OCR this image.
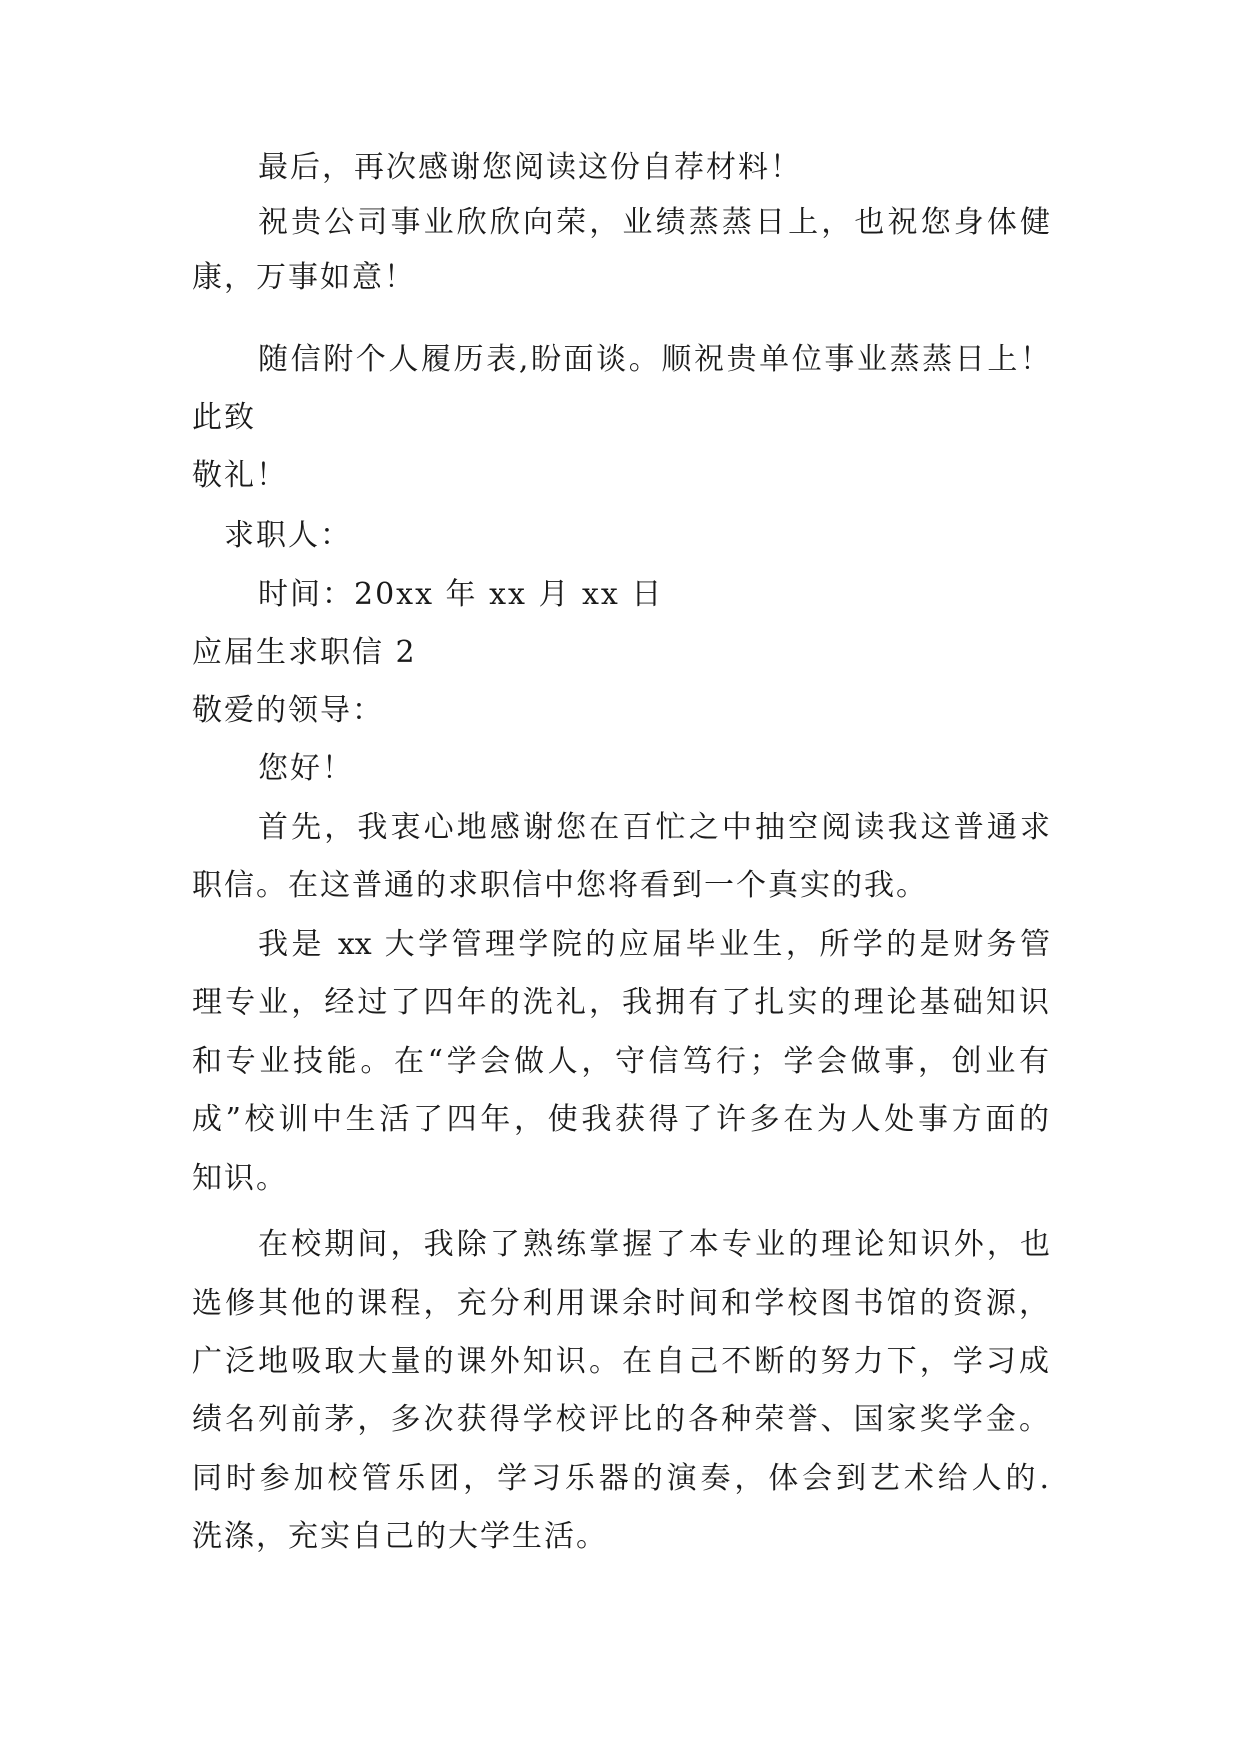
最后，再次感谢您阅读这份自荐材料！
祝贵公司事业欣欣向荣，业绩蒸蒸日上，也祝您身体健
康，万事如意！
随信附个人履历表,盼面谈。顺祝贵单位事业蒸蒸日上！
此致
敬礼！
求职人：
时间：20xx 年 xx 月 xx 日
应届生求职信 2
敬爱的领导：
您好！
首先，我衷心地感谢您在百忙之中抽空阅读我这普通求
职信。在这普通的求职信中您将看到一个真实的我。
我是 xx 大学管理学院的应届毕业生，所学的是财务管
理专业，经过了四年的洗礼，我拥有了扎实的理论基础知识
和专业技能。在“学会做人，守信笃行；学会做事，创业有
成”校训中生活了四年，使我获得了许多在为人处事方面的
知识。
在校期间，我除了熟练掌握了本专业的理论知识外，也
选修其他的课程，充分利用课余时间和学校图书馆的资源，
广泛地吸取大量的课外知识。在自己不断的努力下，学习成
绩名列前茅，多次获得学校评比的各种荣誉、国家奖学金。
同时参加校管乐团，学习乐器的演奏，体会到艺术给人的.
洗涤，充实自己的大学生活。
